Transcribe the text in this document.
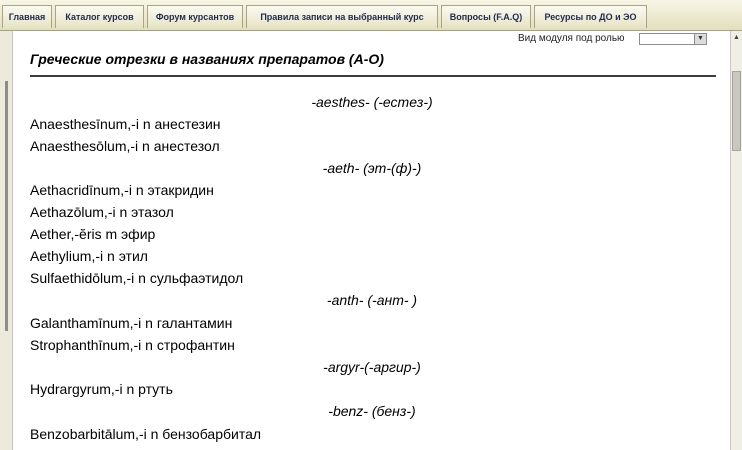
Главная	Каталог курсов	Форум курсантов	Правила записи на выбранный курс	Вопросы (F.A.Q)	Ресурсы по ДО и ЭО
Вид модуля под ролью	▼
Греческие отрезки в названиях препаратов (А-О)
-aesthes- (-естез-)
Anaesthesīnum,-i n анестезин
Anaesthesōlum,-i n анестезол
-aeth- (эт-(ф)-)
Aethacridīnum,-i n этакридин
Aethazōlum,-i n этазол
Aether,-ĕris m эфир
Aethylium,-i n этил
Sulfaethidōlum,-i n сульфаэтидол
-anth- (-ант- )
Galanthamīnum,-i n галантамин
Strophanthīnum,-i n строфантин
-argyr-(-аргир-)
Hydrargyrum,-i n ртуть
-benz- (бенз-)
Benzobarbitālum,-i n бензобарбитал
▲
